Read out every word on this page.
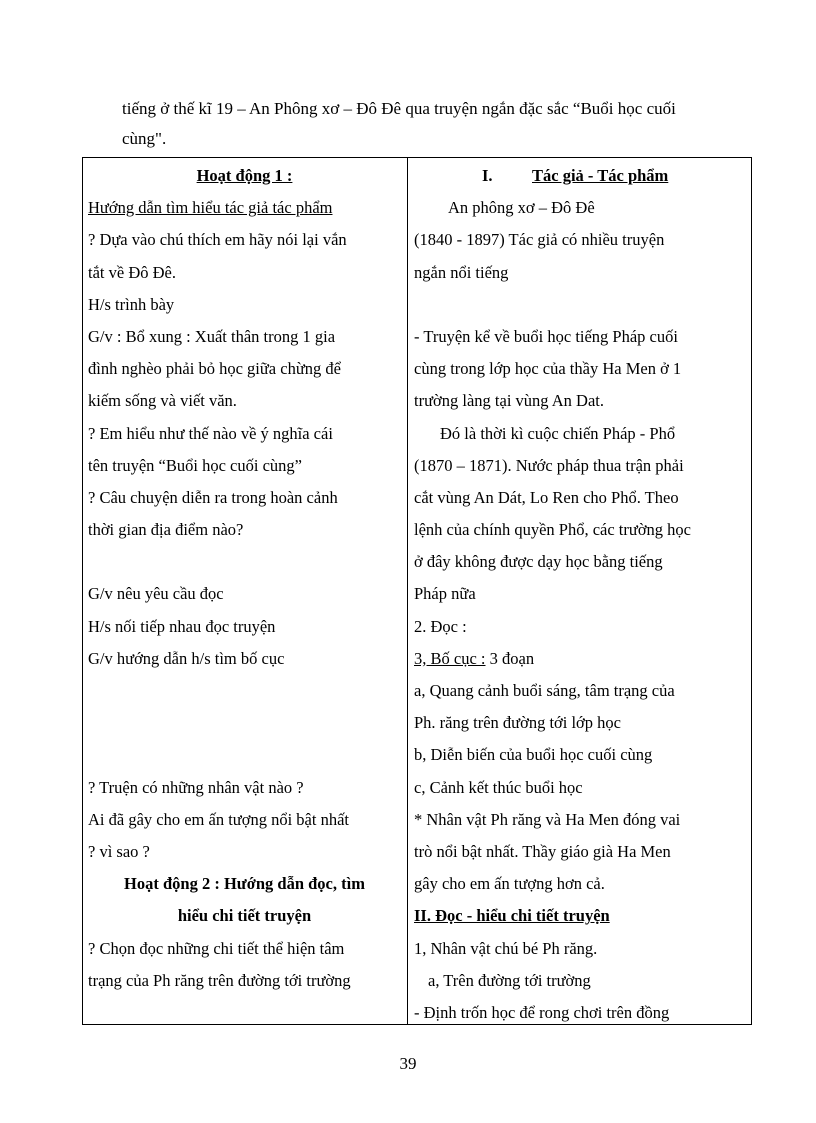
tiếng ở thế kĩ 19 – An Phông xơ – Đô Đê qua truyện ngắn đặc sắc “Buổi học cuối

cùng".

Hoạt động 1 :
Hướng dẫn tìm hiểu tác giả tác phẩm
? Dựa vào chú thích em hãy nói lại vắn
tắt về Đô Đê.
H/s trình bày
G/v : Bổ xung : Xuất thân trong 1 gia
đình nghèo phải bỏ học giữa chừng để
kiếm sống và viết văn.
? Em hiểu như thế nào về ý nghĩa cái
tên truyện “Buổi học cuối cùng”
? Câu chuyện diễn ra trong hoàn cảnh
thời gian địa điểm nào?
G/v nêu yêu cầu đọc
H/s nối tiếp nhau đọc truyện
G/v hướng dẫn h/s tìm bố cục
? Truện có những nhân vật nào ?
Ai đã gây cho em ấn tượng nổi bật nhất
? vì sao ?
Hoạt động 2 : Hướng dẫn đọc, tìm
hiểu chi tiết truyện
? Chọn đọc những chi tiết thể hiện tâm
trạng của Ph răng trên đường tới trường
I. Tác giả - Tác phẩm
An phông xơ – Đô Đê
(1840 - 1897) Tác giả có nhiều truyện
ngắn nổi tiếng
- Truyện kể về buổi học tiếng Pháp cuối
cùng trong lớp học của thầy Ha Men ở 1
trường làng tại vùng An Dat.
Đó là thời kì cuộc chiến Pháp - Phổ
(1870 – 1871). Nước pháp thua trận phải
cắt vùng An Dát, Lo Ren cho Phổ. Theo
lệnh của chính quyền Phổ, các trường học
ở đây không được dạy học bằng tiếng
Pháp nữa
2. Đọc :
3, Bố cục : 3 đoạn
a, Quang cảnh buổi sáng, tâm trạng của
Ph. răng trên đường tới lớp học
b, Diễn biến của buổi học cuối cùng
c, Cảnh kết thúc buổi học
* Nhân vật Ph răng và Ha Men đóng vai
trò nổi bật nhất. Thầy giáo già Ha Men
gây cho em ấn tượng hơn cả.
II. Đọc - hiểu chi tiết truyện
1, Nhân vật chú bé Ph răng.
a, Trên đường tới trường
- Định trốn học để rong chơi trên đồng
39
